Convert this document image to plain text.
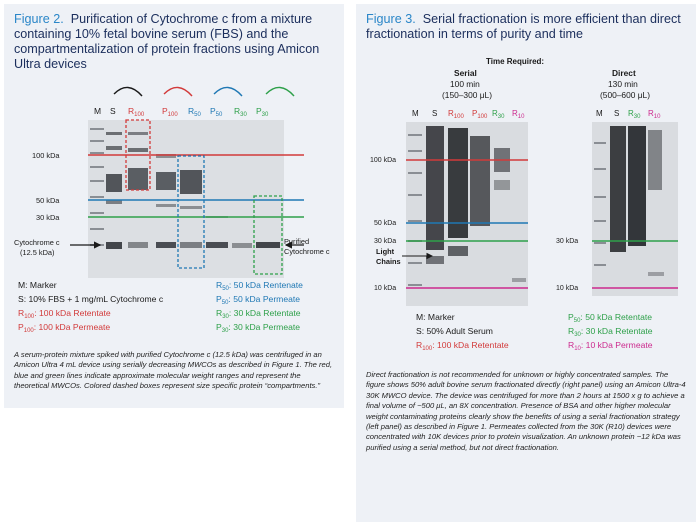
Figure 2. Purification of Cytochrome c from a mixture containing 10% fetal bovine serum (FBS) and the compartmentalization of protein fractions using Amicon Ultra devices
M S $R_{100}$ $P_{100}$ $R_{50}$ $P_{50}$ $R_{30}$ $P_{30}$
100 kDa
50 kDa
30 kDa
Cytochrome c
(12.5 kDa)
Purified
Cytochrome c
M: Marker
S: 10% FBS + 1 mg/mL Cytochrome c
$R_{100}$: 100 kDa Retentate
$P_{100}$: 100 kDa Permeate
$R_{50}$: 50 kDa Rentenate
$P_{50}$: 50 kDa Permeate
$R_{30}$: 30 kDa Retentate
$P_{30}$: 30 kDa Permeate
A serum-protein mixture spiked with purified Cytochrome c (12.5 kDa) was centrifuged in an Amicon Ultra 4 mL device using serially decreasing MWCOs as described in Figure 1. The red, blue and green lines indicate approximate molecular weight ranges and represent the theoretical MWCOs. Colored dashed boxes represent size specific protein “compartments.”
Figure 3. Serial fractionation is more efficient than direct fractionation in terms of purity and time
Time Required:
Serial
100 min
(150–300 μL)
Direct
130 min
(500–600 μL)
M S $R_{100}$ $P_{100}$ $R_{30}$ $R_{10}$	M S $R_{30}$ $R_{10}$
100 kDa
50 kDa
30 kDa
10 kDa
Light
Chains
30 kDa
10 kDa
M: Marker
S: 50% Adult Serum
$R_{100}$: 100 kDa Retentate
$P_{50}$: 50 kDa Retentate
$R_{30}$: 30 kDa Retentate
$R_{10}$: 10 kDa Permeate
Direct fractionation is not recommended for unknown or highly concentrated samples. The figure shows 50% adult bovine serum fractionated directly (right panel) using an Amicon Ultra-4 30K MWCO device. The device was centrifuged for more than 2 hours at 1500 x g to achieve a final volume of ~500 μL, an 8X concentration. Presence of BSA and other higher molecular weight contaminating proteins clearly show the benefits of using a serial fractionation strategy (left panel) as described in Figure 1. Permeates collected from the 30K (R10) devices were concentrated with 10K devices prior to protein visualization. An unknown protein ~12 kDa was purified using a serial method, but not direct fractionation.
